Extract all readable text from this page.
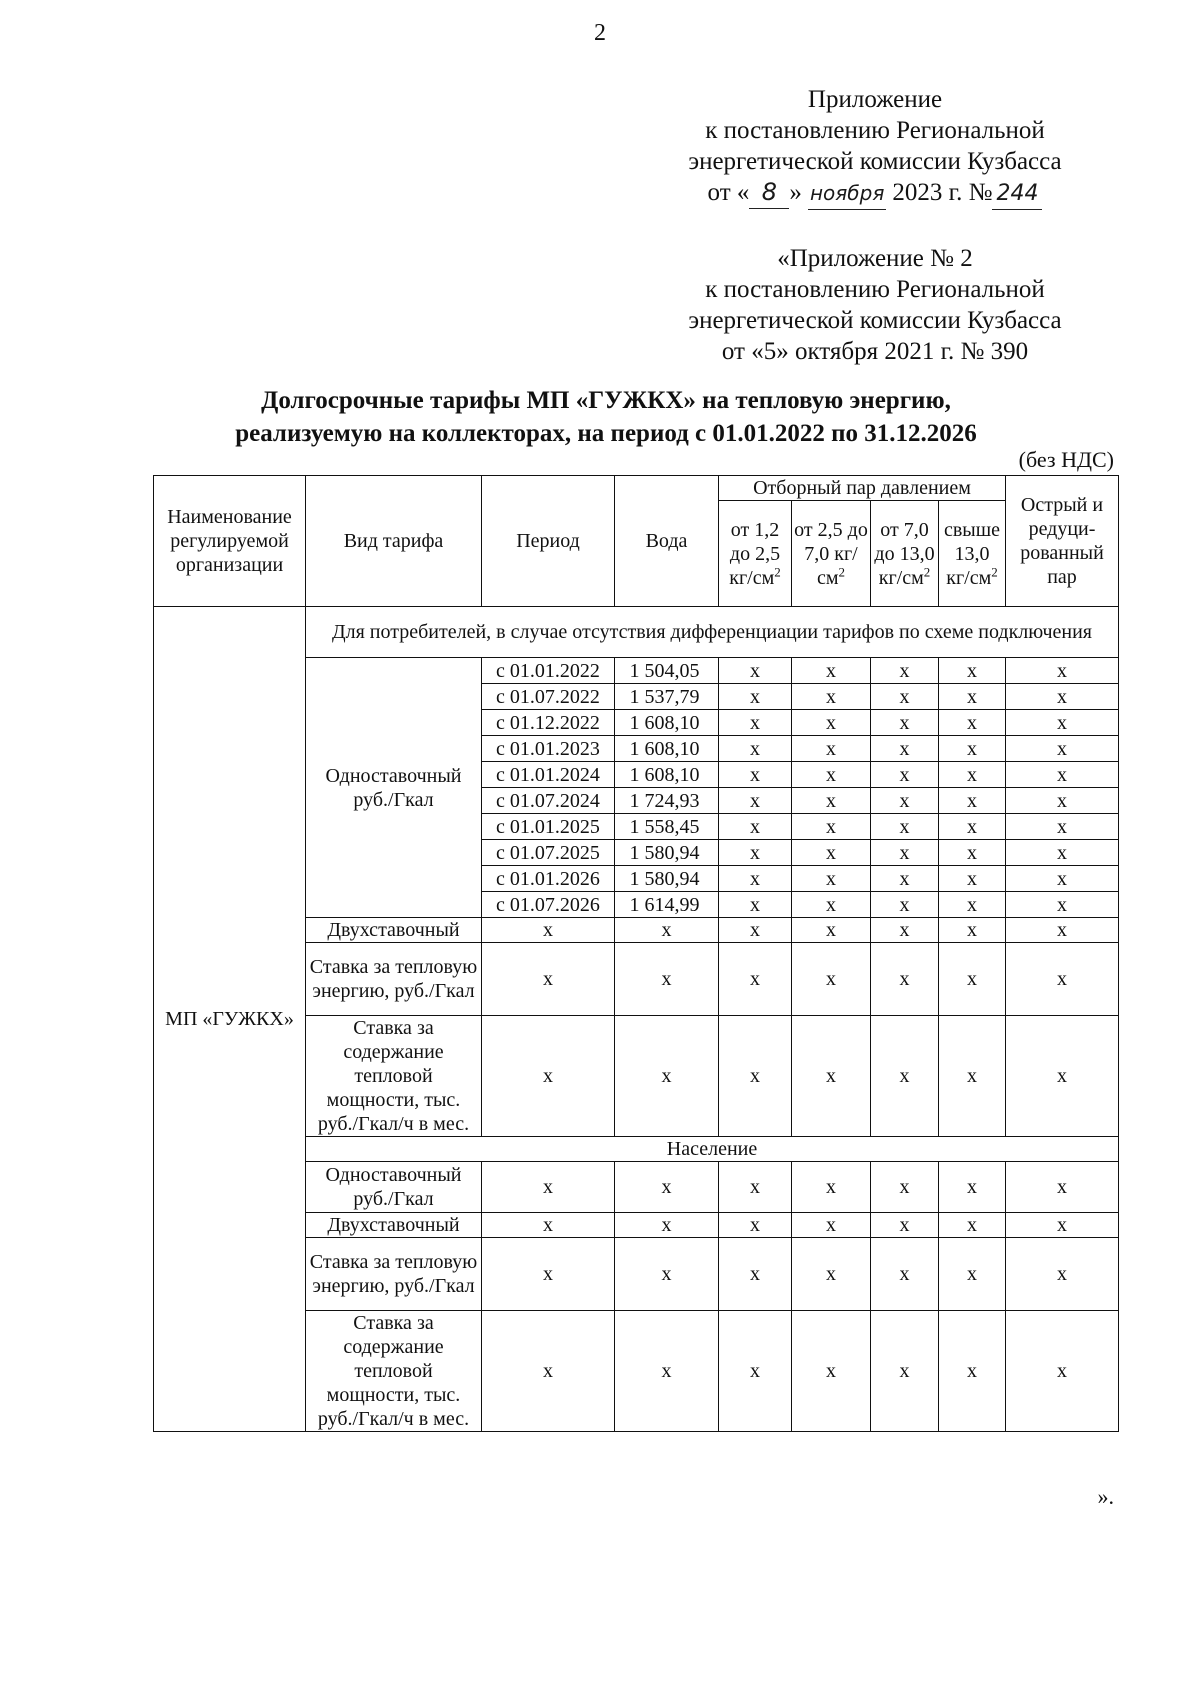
2
Приложение
к постановлению Региональной
энергетической комиссии Кузбасса
от « 8 » ноября 2023 г. № 244
«Приложение № 2
к постановлению Региональной
энергетической комиссии Кузбасса
от «5» октября 2021 г. № 390
Долгосрочные тарифы МП «ГУЖКХ» на тепловую энергию,
реализуемую на коллекторах, на период с 01.01.2022 по 31.12.2026
(без НДС)
Наименование регулируемой организации	Вид тарифа	Период	Вода	Отборный пар давлением				Острый и редуци-рованный пар
				от 1,2 до 2,5 $кг/см^2$	от 2,5 до 7,0 $кг/см^2$	от 7,0 до 13,0 $кг/см^2$	свыше 13,0 $кг/см^2$
МП «ГУЖКХ»	Для потребителей, в случае отсутствия дифференциации тарифов по схеме подключения							
	Одноставочный руб./Гкал	с 01.01.2022	1 504,05	х	х	х	х	х
		с 01.07.2022	1 537,79	х	х	х	х	х
		с 01.12.2022	1 608,10	х	х	х	х	х
		с 01.01.2023	1 608,10	х	х	х	х	х
		с 01.01.2024	1 608,10	х	х	х	х	х
		с 01.07.2024	1 724,93	х	х	х	х	х
		с 01.01.2025	1 558,45	х	х	х	х	х
		с 01.07.2025	1 580,94	х	х	х	х	х
		с 01.01.2026	1 580,94	х	х	х	х	х
		с 01.07.2026	1 614,99	х	х	х	х	х
	Двухставочный	х	х	х	х	х	х	х
	Ставка за тепловую энергию, руб./Гкал	х	х	х	х	х	х	х
	Ставка за содержание тепловой мощности, тыс. руб./Гкал/ч в мес.	х	х	х	х	х	х	х
	Население							
	Одноставочный руб./Гкал	х	х	х	х	х	х	х
	Двухставочный	х	х	х	х	х	х	х
	Ставка за тепловую энергию, руб./Гкал	х	х	х	х	х	х	х
	Ставка за содержание тепловой мощности, тыс. руб./Гкал/ч в мес.	х	х	х	х	х	х	х
».
